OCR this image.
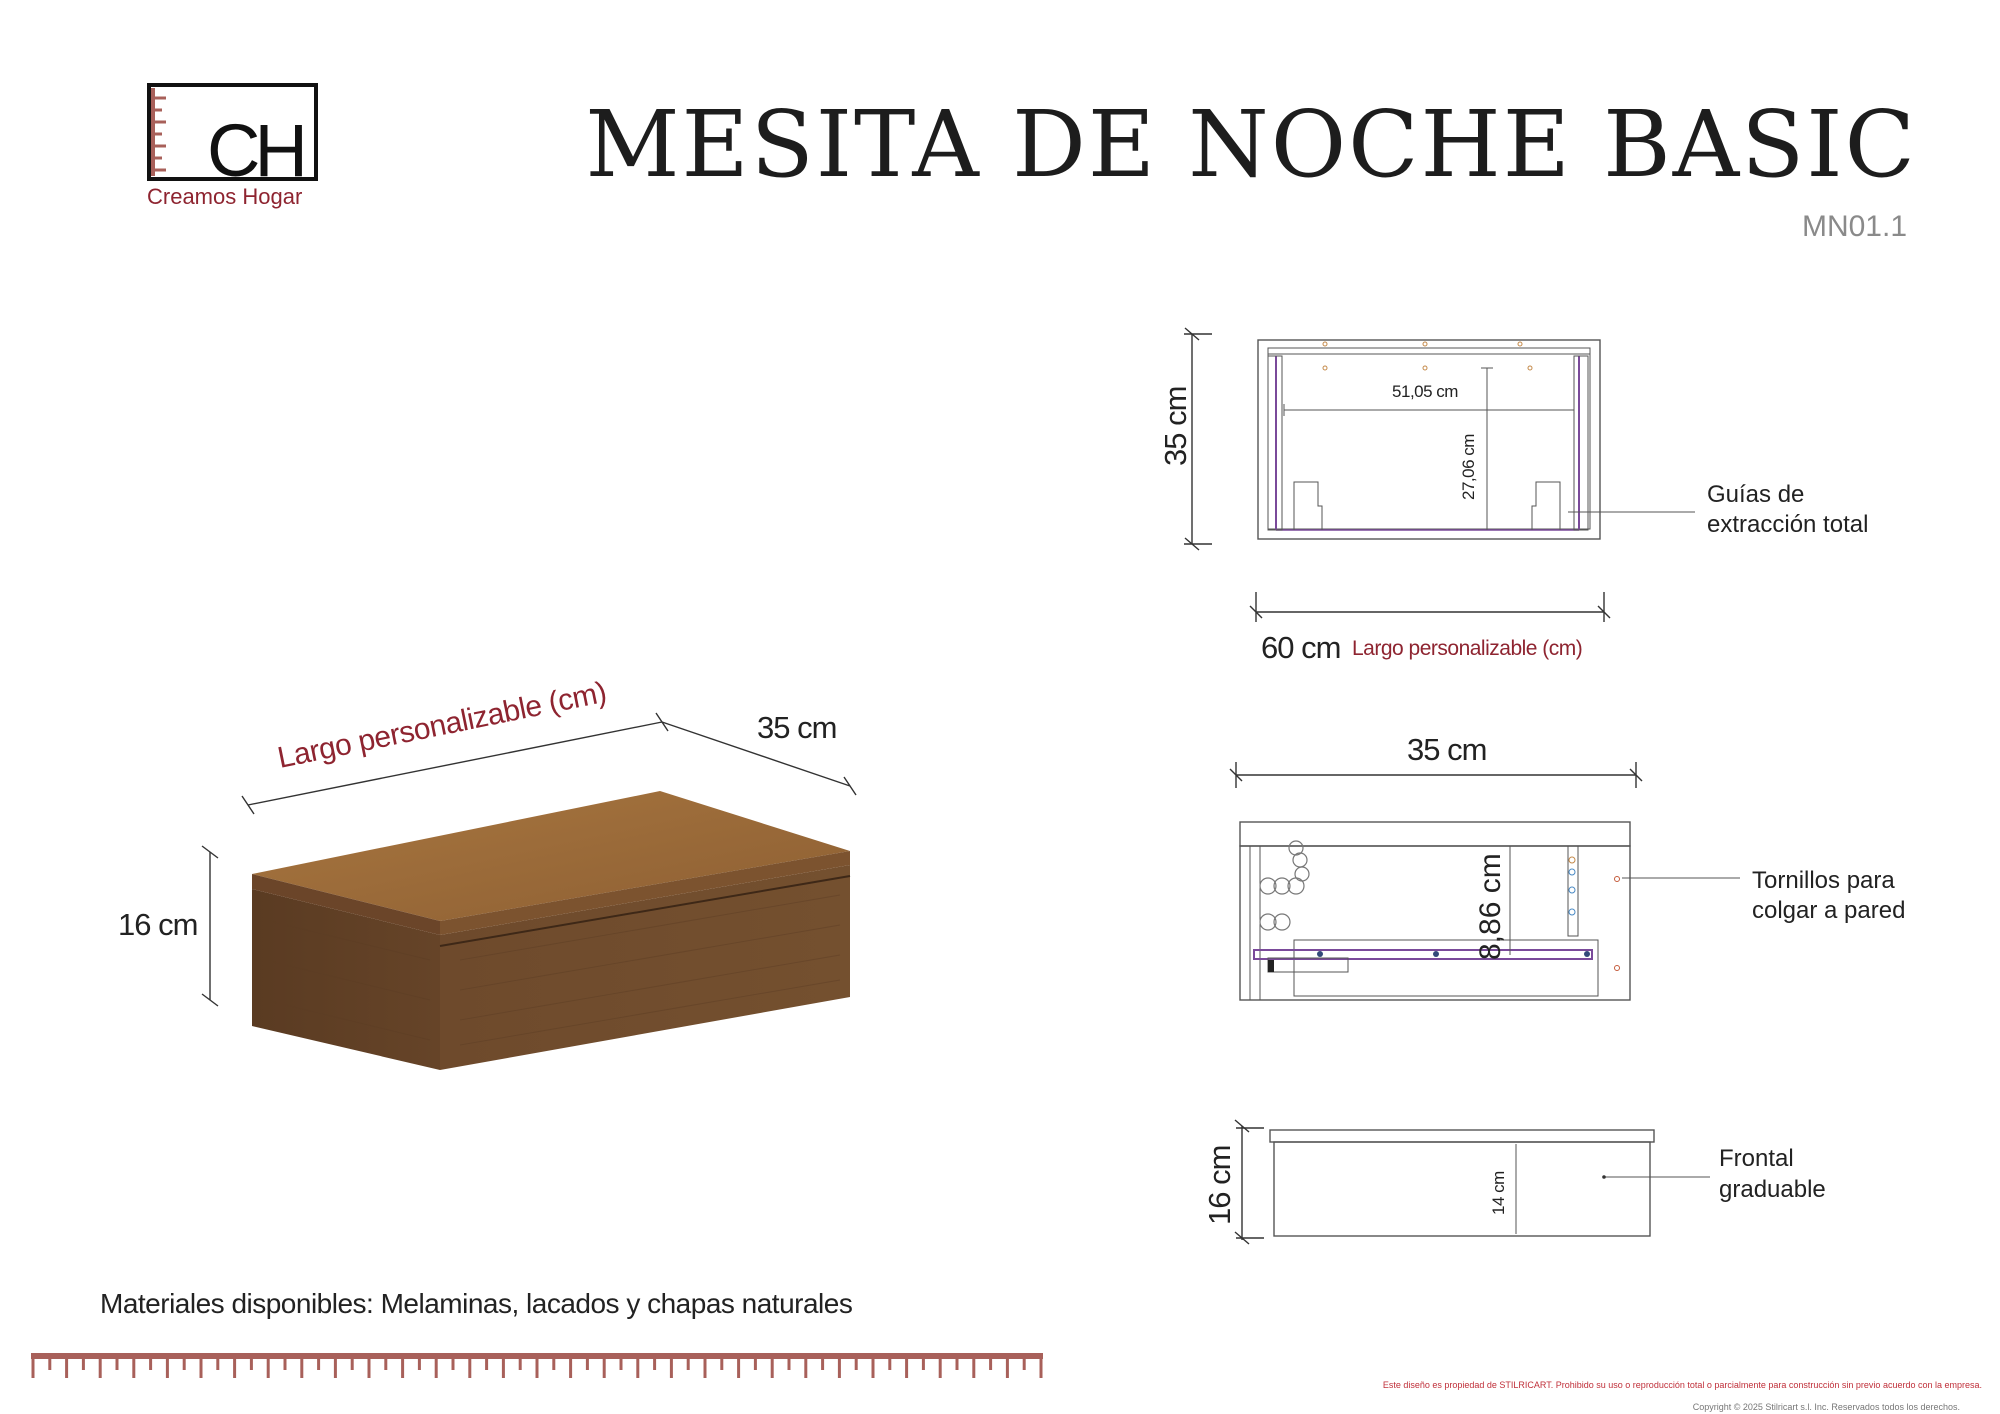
CH
Creamos Hogar	MESITA DE NOCHE BASIC
MN01.1
Largo personalizable (cm)	35 cm
16 cm
51,05 cm
27,06 cm
35 cm
60 cm Largo personalizable (cm)
Guías de extracción total
35 cm
8,86 cm	Tornillos para colgar a pared
14 cm
16 cm	Frontal graduable
Materiales disponibles: Melaminas, lacados y chapas naturales
Este diseño es propiedad de STILRICART. Prohibido su uso o reproducción total o parcialmente para construcción sin previo acuerdo con la empresa.
Copyright © 2025 Stilricart s.l. Inc. Reservados todos los derechos.
